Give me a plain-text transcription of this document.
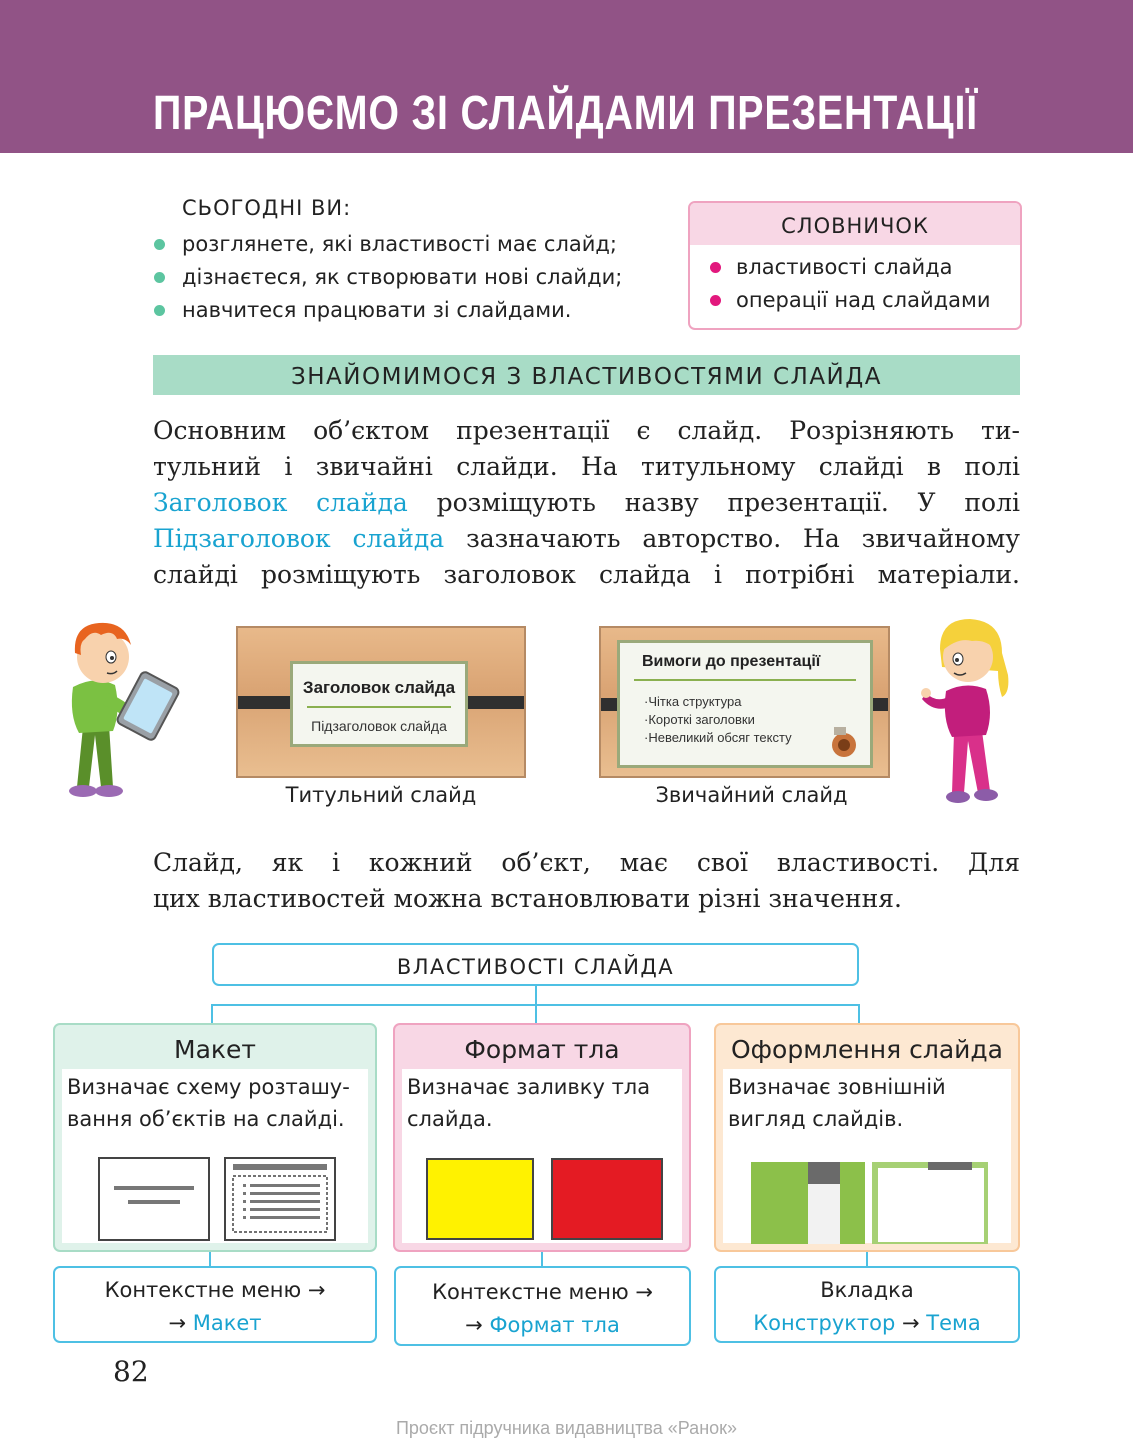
ПРАЦЮЄМО ЗІ СЛАЙДАМИ ПРЕЗЕНТАЦІЇ
СЬОГОДНІ ВИ:
розглянете, які властивості має слайд;
дізнаєтеся, як створювати нові слайди;
навчитеся працювати зі слайдами.
СЛОВНИЧОК
властивості слайда
операції над слайдами
ЗНАЙОМИМОСЯ З ВЛАСТИВОСТЯМИ СЛАЙДА
Основним об’єктом презентації є слайд. Розрізняють ти-
тульний і звичайні слайди. На титульному слайді в полі
Заголовок слайда розміщують назву презентації. У полі
Підзаголовок слайда зазначають авторство. На звичайному
слайді розміщують заголовок слайда і потрібні матеріали.
Заголовок слайда
Підзаголовок слайда
Титульний слайд
Вимоги до презентації
·Чітка структура
·Короткі заголовки
·Невеликий обсяг тексту
Звичайний слайд
Слайд, як і кожний об’єкт, має свої властивості. Для
цих властивостей можна встановлювати різні значення.
ВЛАСТИВОСТІ СЛАЙДА
Макет
Визначає схему розташу-
вання об’єктів на слайді.
Формат тла
Визначає заливку тла
слайда.
Оформлення слайда
Визначає зовнішній
вигляд слайдів.
Контекстне меню →
→ Макет
Контекстне меню →
→ Формат тла
Вкладка
Конструктор → Тема
82
Проєкт підручника видавництва «Ранок»
